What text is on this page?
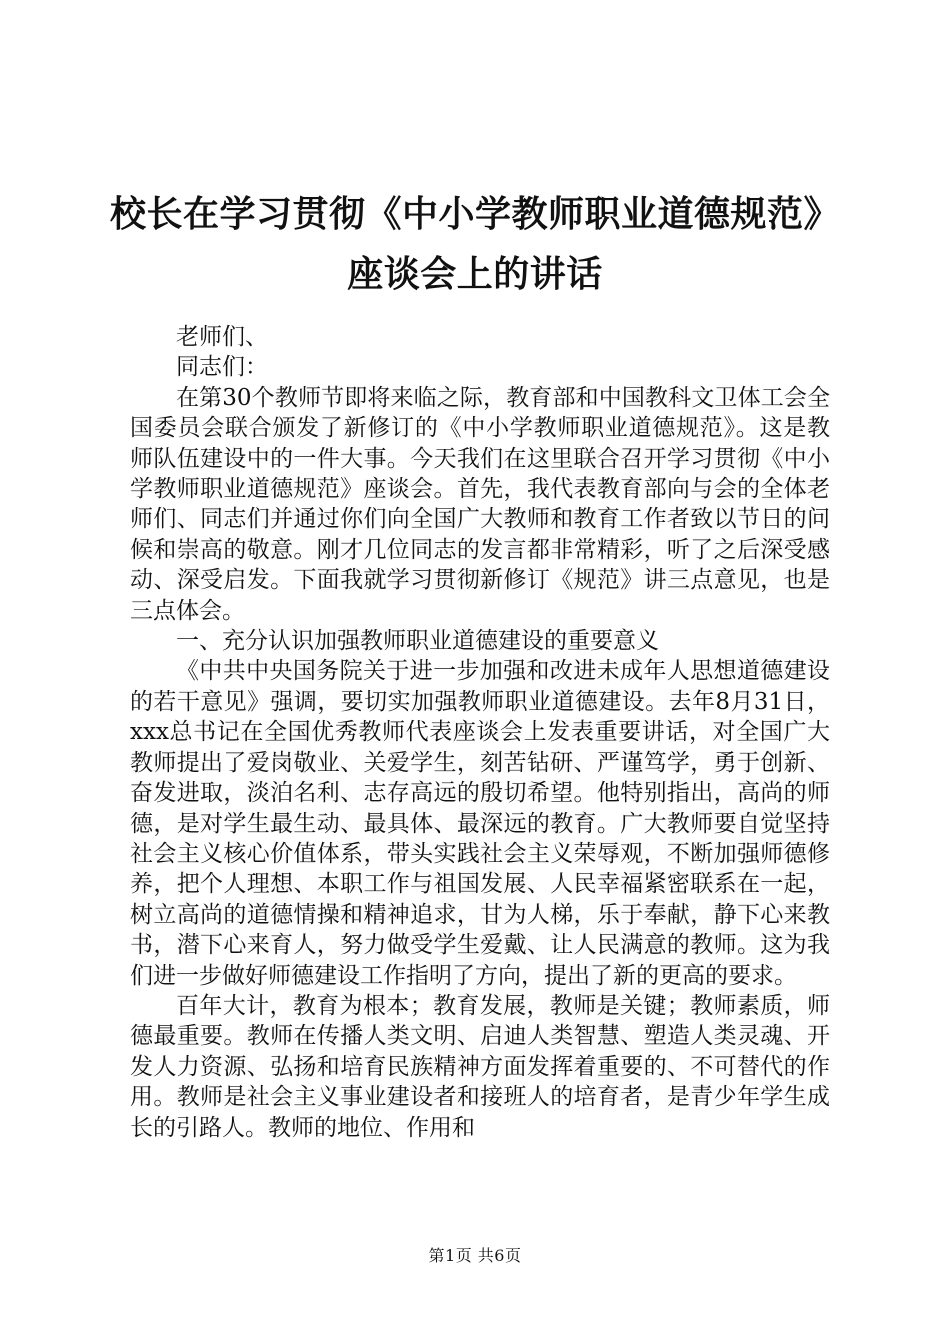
校长在学习贯彻《中小学教师职业道德规范》
座谈会上的讲话

老师们、

同志们：

在第30个教师节即将来临之际，教育部和中国教科文卫体工会全国委员会联合颁发了新修订的《中小学教师职业道德规范》。这是教师队伍建设中的一件大事。今天我们在这里联合召开学习贯彻《中小学教师职业道德规范》座谈会。首先，我代表教育部向与会的全体老师们、同志们并通过你们向全国广大教师和教育工作者致以节日的问候和崇高的敬意。刚才几位同志的发言都非常精彩，听了之后深受感动、深受启发。下面我就学习贯彻新修订《规范》讲三点意见，也是三点体会。

一、充分认识加强教师职业道德建设的重要意义

《中共中央国务院关于进一步加强和改进未成年人思想道德建设的若干意见》强调，要切实加强教师职业道德建设。去年8月31日，xxx总书记在全国优秀教师代表座谈会上发表重要讲话，对全国广大教师提出了爱岗敬业、关爱学生，刻苦钻研、严谨笃学，勇于创新、奋发进取，淡泊名利、志存高远的殷切希望。他特别指出，高尚的师德，是对学生最生动、最具体、最深远的教育。广大教师要自觉坚持社会主义核心价值体系，带头实践社会主义荣辱观，不断加强师德修养，把个人理想、本职工作与祖国发展、人民幸福紧密联系在一起，树立高尚的道德情操和精神追求，甘为人梯，乐于奉献，静下心来教书，潜下心来育人，努力做受学生爱戴、让人民满意的教师。这为我们进一步做好师德建设工作指明了方向，提出了新的更高的要求。

百年大计，教育为根本；教育发展，教师是关键；教师素质，师德最重要。教师在传播人类文明、启迪人类智慧、塑造人类灵魂、开发人力资源、弘扬和培育民族精神方面发挥着重要的、不可替代的作用。教师是社会主义事业建设者和接班人的培育者，是青少年学生成长的引路人。教师的地位、作用和

第1页 共6页
